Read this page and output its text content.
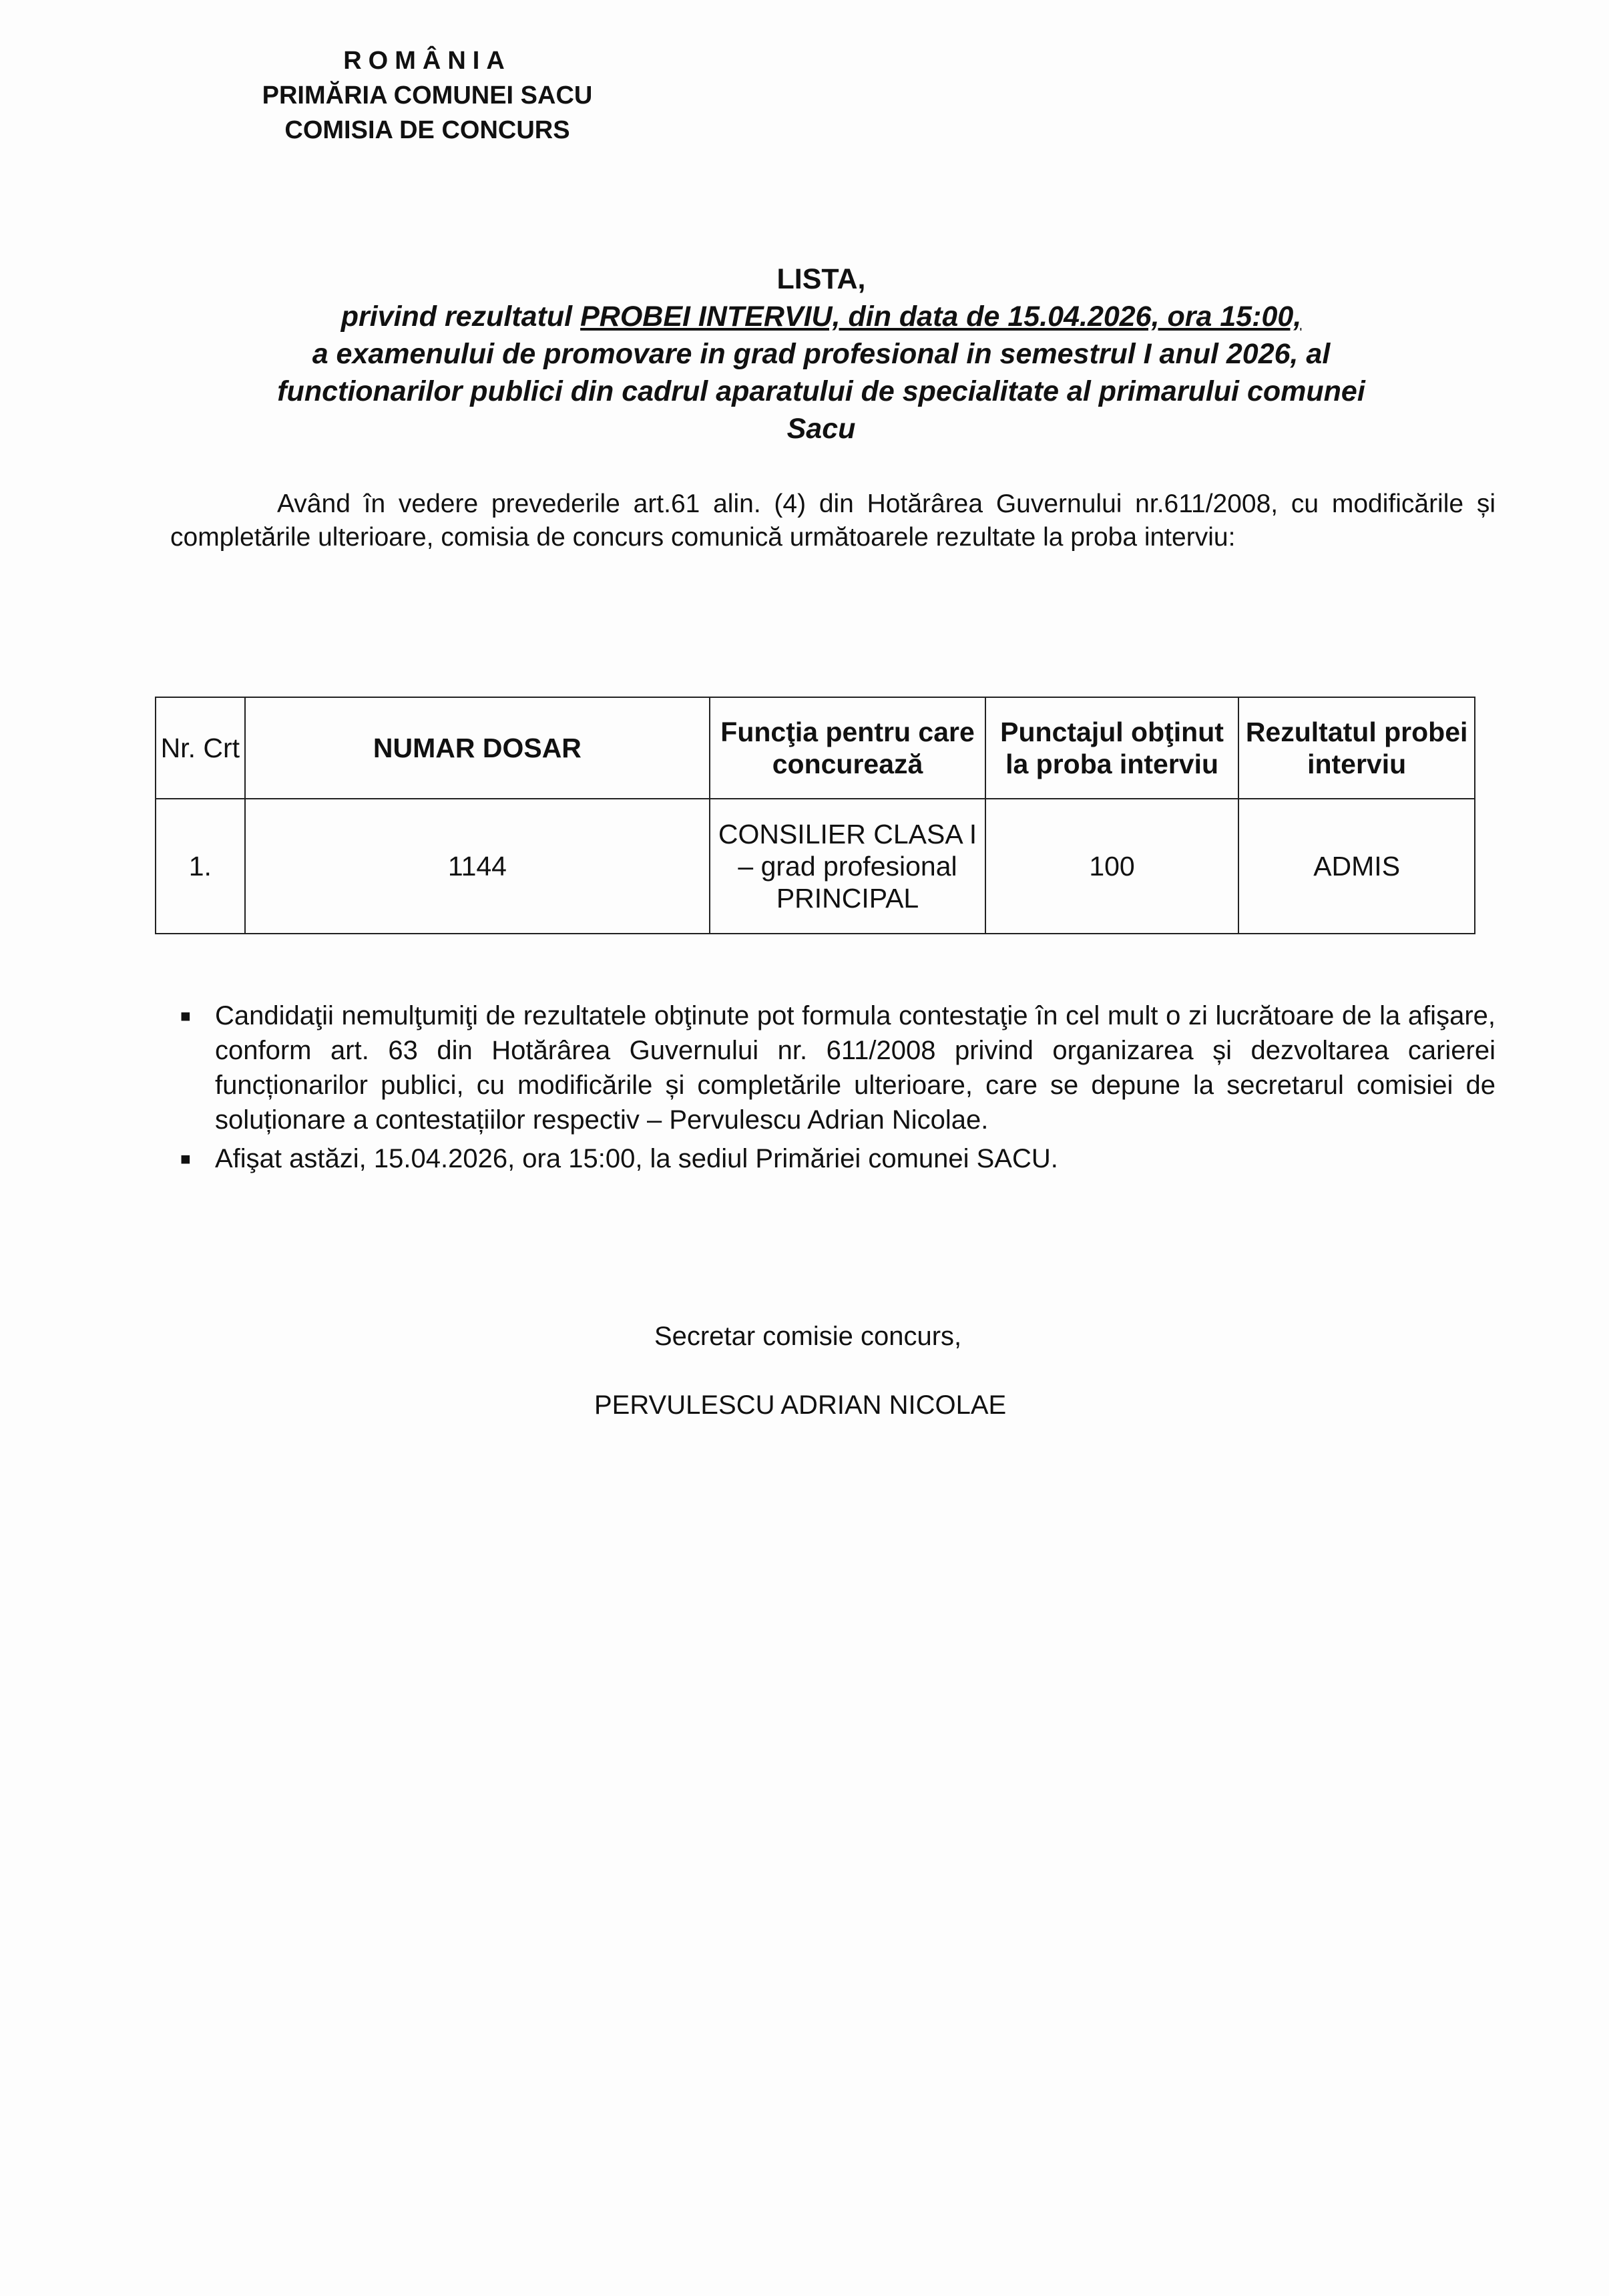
ROMÂNIA
PRIMĂRIA COMUNEI SACU
COMISIA DE CONCURS
LISTA,
privind rezultatul PROBEI INTERVIU, din data de 15.04.2026, ora 15:00,
a examenului de promovare in grad profesional in semestrul I anul 2026, al
functionarilor publici din cadrul aparatului de specialitate al primarului comunei
Sacu
Având în vedere prevederile art.61 alin. (4) din Hotărârea Guvernului nr.611/2008, cu modificările și completările ulterioare, comisia de concurs comunică următoarele rezultate la proba interviu:
Nr. Crt	NUMAR DOSAR	Funcţia pentru care concurează	Punctajul obţinut la proba interviu	Rezultatul probei interviu
1.	1144	CONSILIER CLASA I – grad profesional PRINCIPAL	100	ADMIS
■ Candidaţii nemulţumiţi de rezultatele obţinute pot formula contestaţie în cel mult o zi lucrătoare de la afişare, conform art. 63 din Hotărârea Guvernului nr. 611/2008 privind organizarea și dezvoltarea carierei funcționarilor publici, cu modificările și completările ulterioare, care se depune la secretarul comisiei de soluționare a contestațiilor respectiv – Pervulescu Adrian Nicolae.
■ Afişat astăzi, 15.04.2026, ora 15:00, la sediul Primăriei comunei SACU.
Secretar comisie concurs,
PERVULESCU ADRIAN NICOLAE
